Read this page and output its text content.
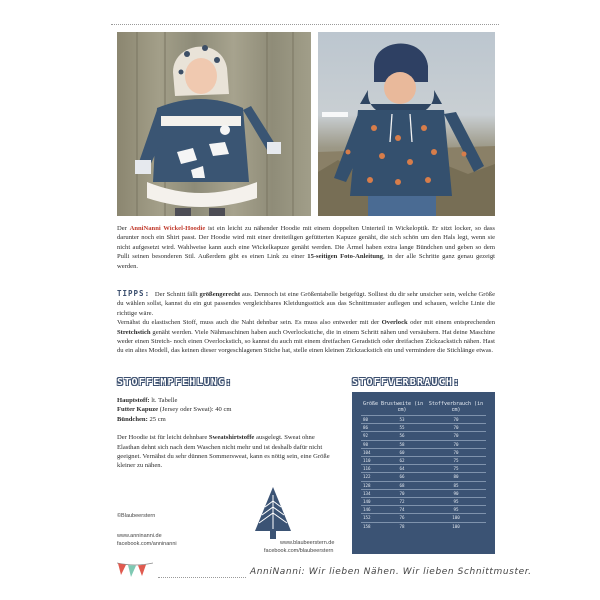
Der AnniNanni Wickel-Hoodie ist ein leicht zu nähender Hoodie mit einem doppelten Unterteil in Wickeloptik. Er sitzt locker, so dass darunter noch ein Shirt passt. Der Hoodie wird mit einer dreiteiligen gefütterten Kapuze genäht, die sich schön um den Hals legt, wenn sie nicht aufgesetzt wird. Wahlweise kann auch eine Wickelkapuze genäht werden. Die Ärmel haben extra lange Bündchen und geben so dem Pulli seinen besonderen Stil. Außerdem gibt es einen Link zu einer 15-seitigen Foto-Anleitung, in der alle Schritte ganz genau gezeigt werden.
TIPPS: Der Schnitt fällt größengerecht aus. Dennoch ist eine Größentabelle beigefügt. Solltest du dir sehr unsicher sein, welche Größe du wählen sollst, kannst du ein gut passendes vergleichbares Kleidungsstück aus das Schnittmuster auflegen und schauen, welche Linie die richtige wäre.
Vernähst du elastischen Stoff, muss auch die Naht dehnbar sein. Es muss also entweder mit der Overlock oder mit einem entsprechenden Stretchstich genäht werden. Viele Nähmaschinen haben auch Overlockstiche, die in einem Schritt nähen und versäubern. Hat deine Maschine weder einen Stretch- noch einen Overlockstich, so kannst du auch mit einem dreifachen Geradstich oder dreifachen Zickzackstich nähen. Hast du ein altes Modell, das keinen dieser vorgeschlagenen Stiche hat, stelle einen kleinen Zickzackstich ein und vermindere die Stichlänge etwas.
STOFFEMPFEHLUNG:	STOFFVERBRAUCH:
Hauptstoff: lt. Tabelle
Futter Kapuze (Jersey oder Sweat): 40 cm
Bündchen: 25 cm
Der Hoodie ist für leicht dehnbare Sweatshirtstoffe ausgelegt. Sweat ohne Elasthan dehnt sich nach dem Waschen nicht mehr und ist deshalb dafür nicht geeignet. Vernähst du sehr dünnen Sommersweat, kann es nötig sein, eine Größe kleiner zu nähen.
Größe	Brustweite (in cm)	Stoffverbrauch (in cm)
80	53	70
86	55	70
92	56	70
98	58	70
104	60	70
110	62	75
116	64	75
122	66	80
128	68	85
134	70	90
140	72	95
146	74	95
152	76	100
158	78	100
©Blaubeerstern
www.anninanni.de
facebook.com/anninanni	www.blaubeerstern.de
facebook.com/blaubeerstern
AnniNanni: Wir lieben Nähen. Wir lieben Schnittmuster.
